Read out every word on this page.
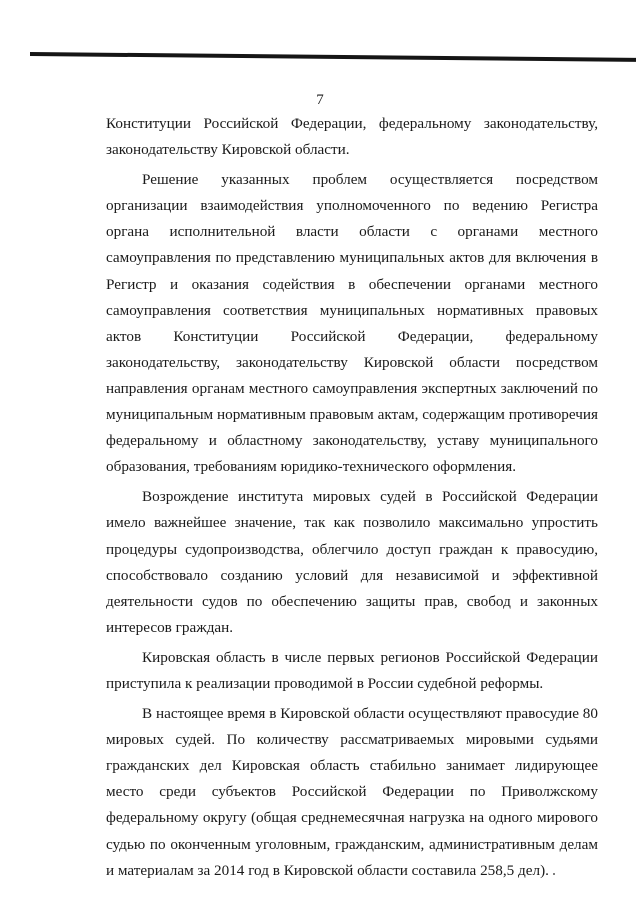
7

Конституции Российской Федерации, федеральному законодательству, законодательству Кировской области.

Решение указанных проблем осуществляется посредством организации взаимодействия уполномоченного по ведению Регистра органа исполнительной власти области с органами местного самоуправления по представлению муниципальных актов для включения в Регистр и оказания содействия в обеспечении органами местного самоуправления соответствия муниципальных нормативных правовых актов Конституции Российской Федерации, федеральному законодательству, законодательству Кировской области посредством направления органам местного самоуправления экспертных заключений по муниципальным нормативным правовым актам, содержащим противоречия федеральному и областному законодательству, уставу муниципального образования, требованиям юридико-технического оформления.

Возрождение института мировых судей в Российской Федерации имело важнейшее значение, так как позволило максимально упростить процедуры судопроизводства, облегчило доступ граждан к правосудию, способствовало созданию условий для независимой и эффективной деятельности судов по обеспечению защиты прав, свобод и законных интересов граждан.

Кировская область в числе первых регионов Российской Федерации приступила к реализации проводимой в России судебной реформы.

В настоящее время в Кировской области осуществляют правосудие 80 мировых судей. По количеству рассматриваемых мировыми судьями гражданских дел Кировская область стабильно занимает лидирующее место среди субъектов Российской Федерации по Приволжскому федеральному округу (общая среднемесячная нагрузка на одного мирового судью по оконченным уголовным, гражданским, административным делам и материалам за 2014 год в Кировской области составила 258,5 дел).
